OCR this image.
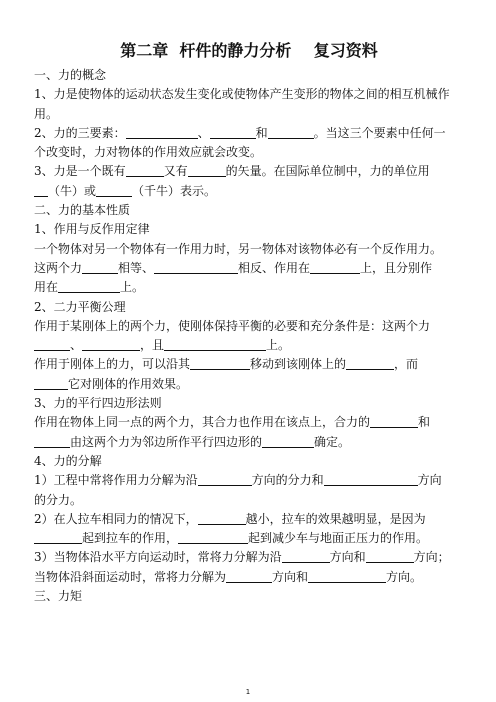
第二章  杆件的静力分析    复习资料
一、力的概念
1、力是使物体的运动状态发生变化或使物体产生变形的物体之间的相互机械作
用。
2、力的三要素：	、	和	。当这三个要素中任何一
个改变时，力对物体的作用效应就会改变。
3、力是一个既有	又有	的矢量。在国际单位制中，力的单位用
（牛）或	（千牛）表示。
二、力的基本性质
1、作用与反作用定律
一个物体对另一个物体有一作用力时，另一物体对该物体必有一个反作用力。
这两个力	相等、	相反、作用在	上，且分别作
用在	上。
2、二力平衡公理
作用于某刚体上的两个力，使刚体保持平衡的必要和充分条件是：这两个力
、	，且	上。
作用于刚体上的力，可以沿其	移动到该刚体上的	，而
它对刚体的作用效果。
3、力的平行四边形法则
作用在物体上同一点的两个力，其合力也作用在该点上，合力的	和
由这两个力为邻边所作平行四边形的	确定。
4、力的分解
1）工程中常将作用力分解为沿	方向的分力和	方向
的分力。
2）在人拉车相同力的情况下，	越小，拉车的效果越明显，是因为
起到拉车的作用，	起到减少车与地面正压力的作用。
3）当物体沿水平方向运动时，常将力分解为沿	方向和	方向；
当物体沿斜面运动时，常将力分解为	方向和	方向。
三、力矩
1
